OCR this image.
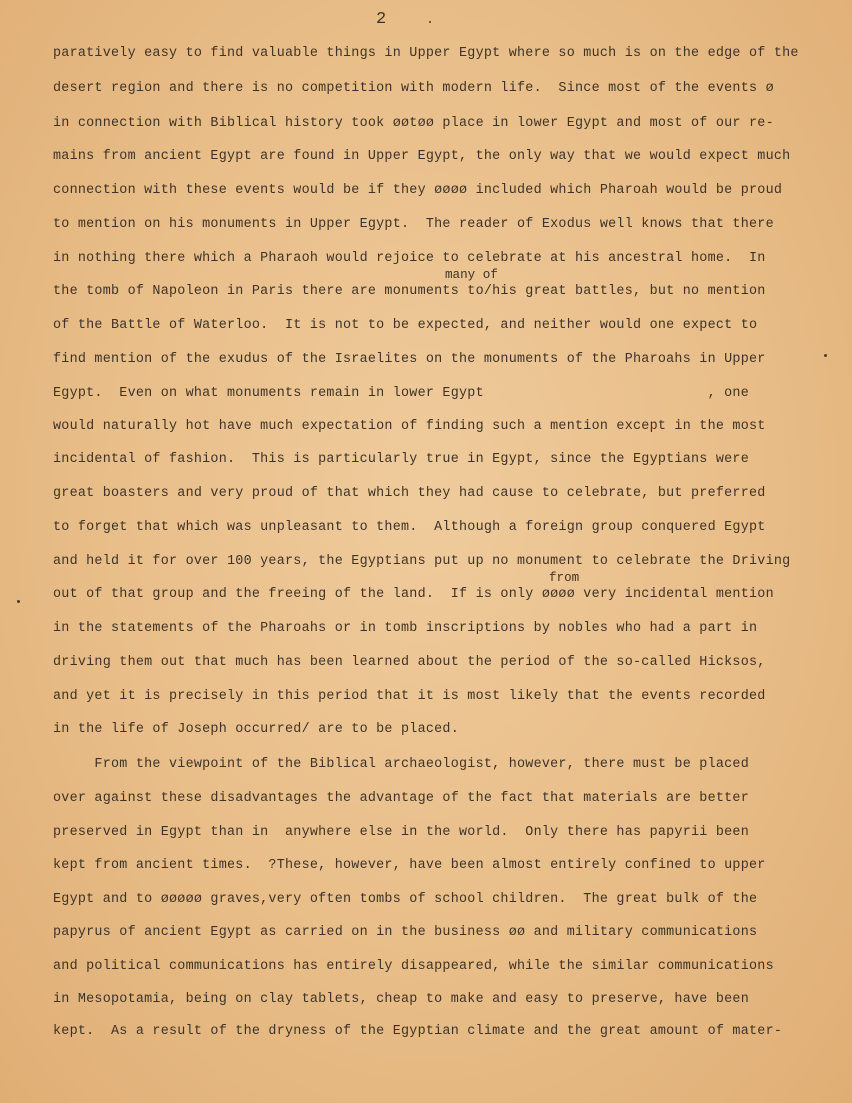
2
many of
from
paratively easy to find valuable things in Upper Egypt where so much is on the edge of the
desert region and there is no competition with modern life.  Since most of the events ø
in connection with Biblical history took øøtøø place in lower Egypt and most of our re-
mains from ancient Egypt are found in Upper Egypt, the only way that we would expect much
connection with these events would be if they øøøø included which Pharoah would be proud
to mention on his monuments in Upper Egypt.  The reader of Exodus well knows that there
in nothing there which a Pharaoh would rejoice to celebrate at his ancestral home.  In
the tomb of Napoleon in Paris there are monuments to/his great battles, but no mention
of the Battle of Waterloo.  It is not to be expected, and neither would one expect to
find mention of the exudus of the Israelites on the monuments of the Pharoahs in Upper
Egypt.  Even on what monuments remain in lower Egypt                           , one
would naturally hot have much expectation of finding such a mention except in the most
incidental of fashion.  This is particularly true in Egypt, since the Egyptians were
great boasters and very proud of that which they had cause to celebrate, but preferred
to forget that which was unpleasant to them.  Although a foreign group conquered Egypt
and held it for over 100 years, the Egyptians put up no monument to celebrate the Driving
out of that group and the freeing of the land.  If is only øøøø very incidental mention
in the statements of the Pharoahs or in tomb inscriptions by nobles who had a part in
driving them out that much has been learned about the period of the so-called Hicksos,
and yet it is precisely in this period that it is most likely that the events recorded
in the life of Joseph occurred/ are to be placed.
From the viewpoint of the Biblical archaeologist, however, there must be placed
over against these disadvantages the advantage of the fact that materials are better
preserved in Egypt than in  anywhere else in the world.  Only there has papyrii been
kept from ancient times.  ?These, however, have been almost entirely confined to upper
Egypt and to øøøøø graves,very often tombs of school children.  The great bulk of the
papyrus of ancient Egypt as carried on in the business øø and military communications
and political communications has entirely disappeared, while the similar communications
in Mesopotamia, being on clay tablets, cheap to make and easy to preserve, have been
kept.  As a result of the dryness of the Egyptian climate and the great amount of mater-
